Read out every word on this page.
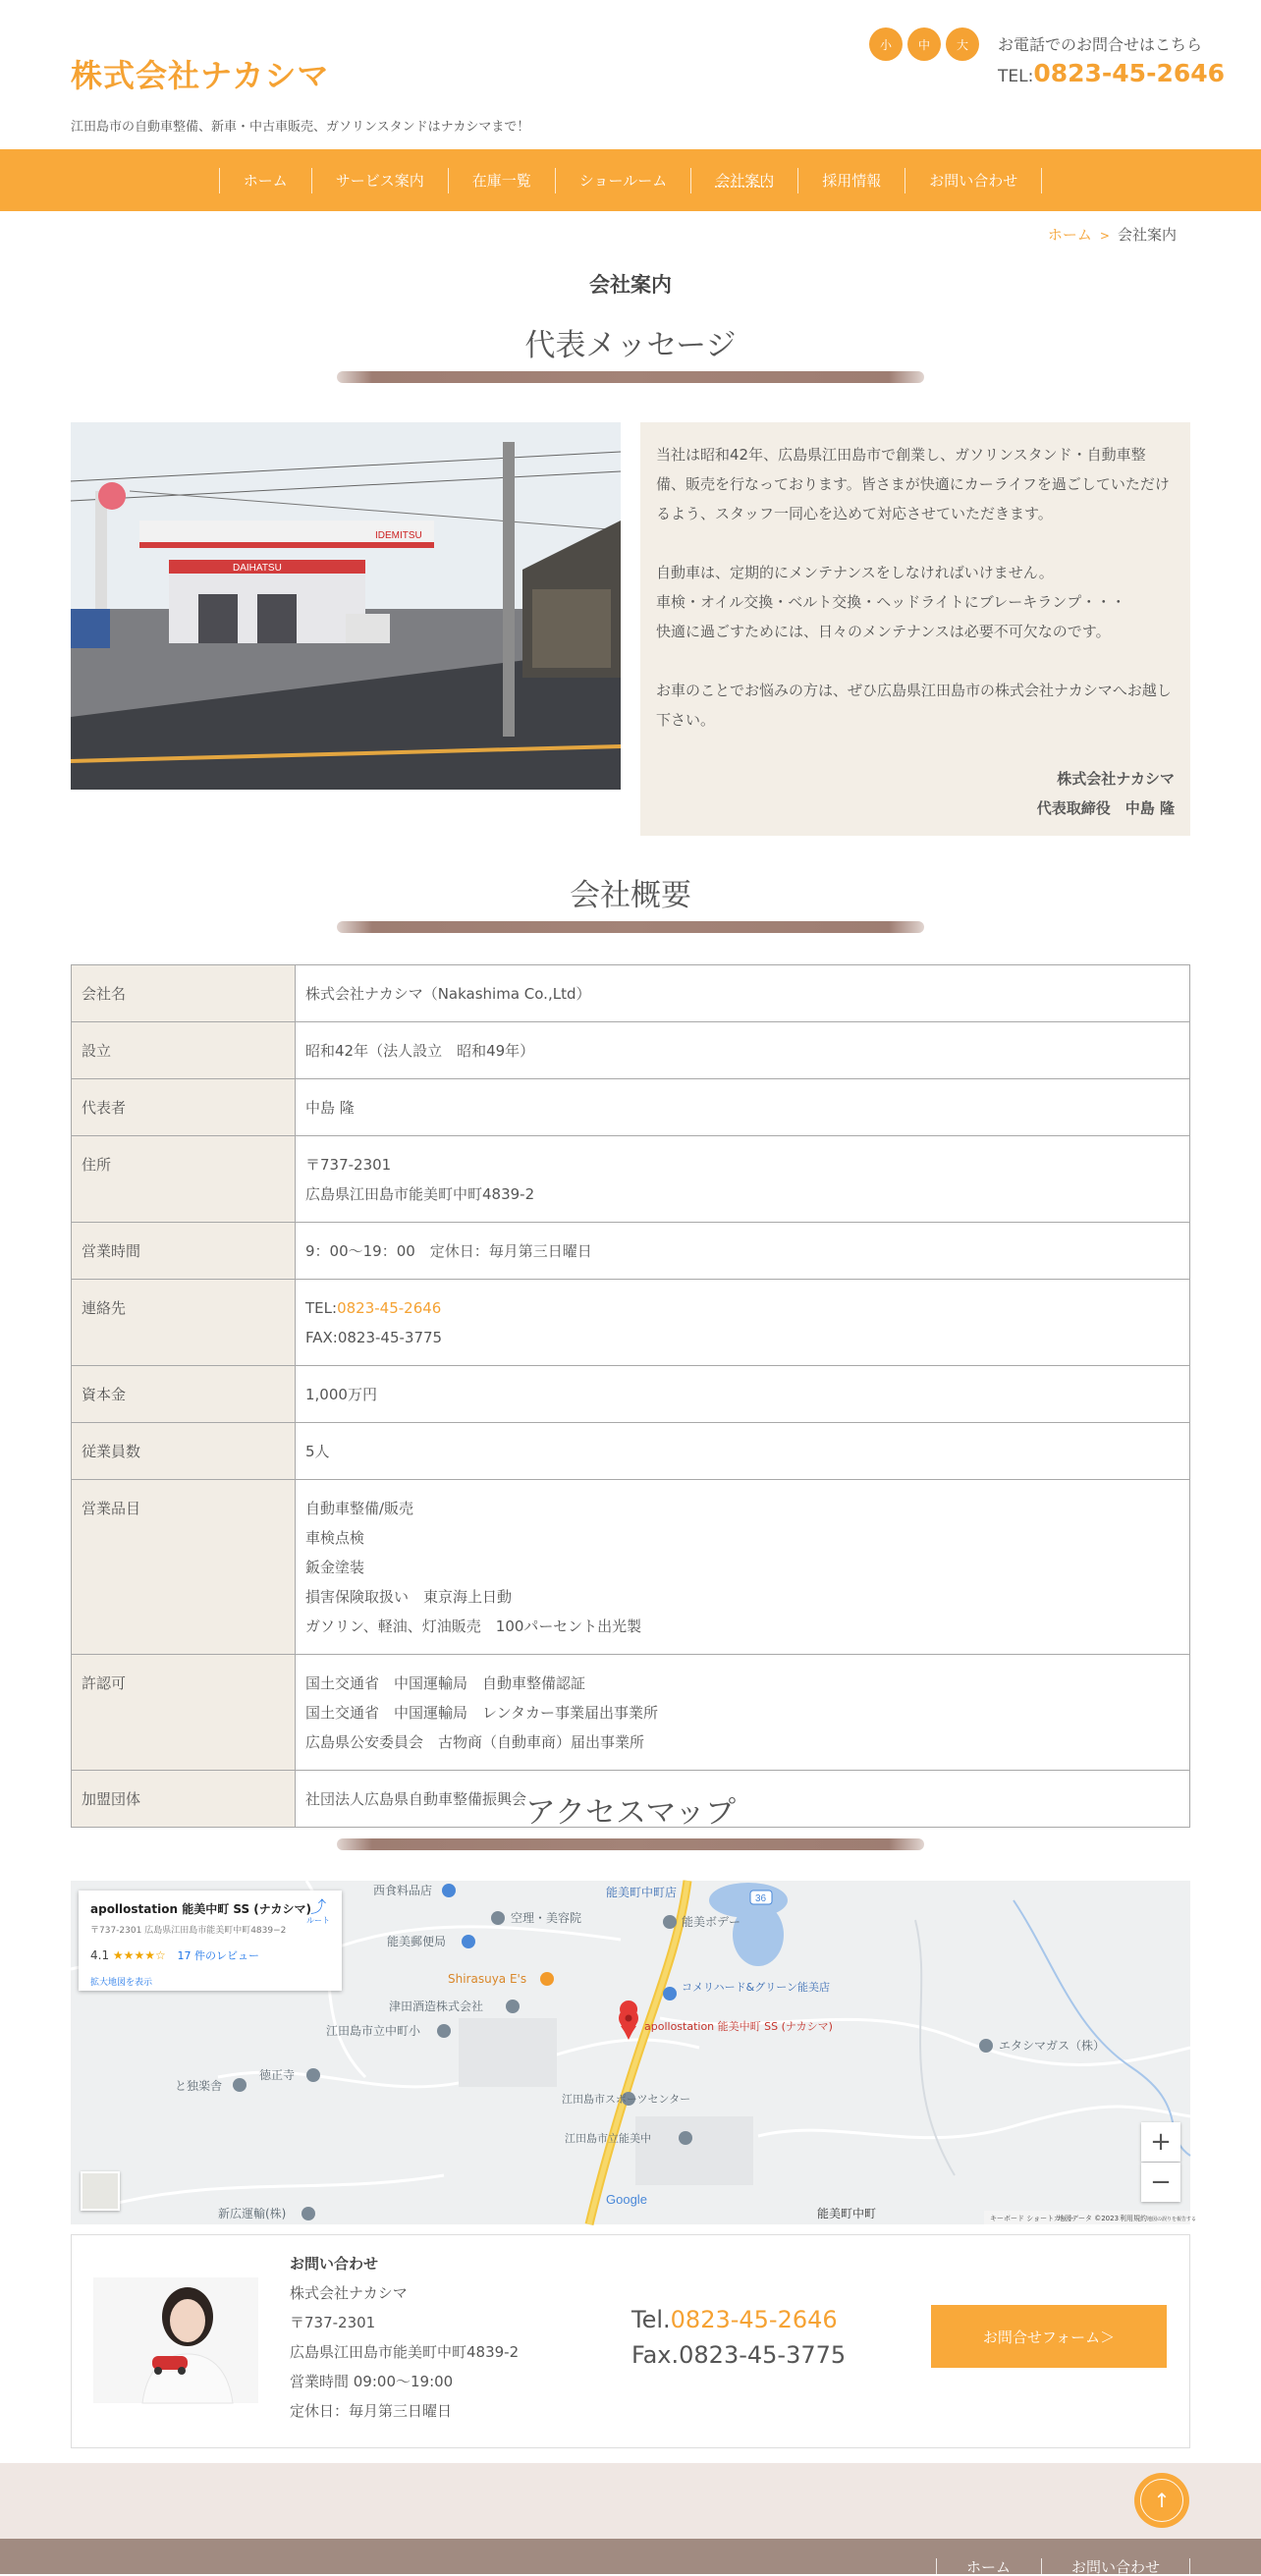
株式会社ナカシマ
江田島市の自動車整備、新車・中古車販売、ガソリンスタンドはナカシマまで！
小	中	大	お電話でのお問合せはこちら
TEL:0823-45-2646
ホーム	サービス案内	在庫一覧	ショールーム	会社案内	採用情報	お問い合わせ
ホーム > 会社案内
会社案内
代表メッセージ
IDEMITSU
DAIHATSU

当社は昭和42年、広島県江田島市で創業し、ガソリンスタンド・自動車整備、販売を行なっております。皆さまが快適にカーライフを過ごしていただけるよう、スタッフ一同心を込めて対応させていただきます。

自動車は、定期的にメンテナンスをしなければいけません。
車検・オイル交換・ベルト交換・ヘッドライトにブレーキランプ・・・
快適に過ごすためには、日々のメンテナンスは必要不可欠なのです。

お車のことでお悩みの方は、ぜひ広島県江田島市の株式会社ナカシマへお越し下さい。

株式会社ナカシマ
代表取締役　中島 隆
会社概要
会社名	株式会社ナカシマ（Nakashima Co.,Ltd）

設立	昭和42年（法人設立　昭和49年）

代表者	中島 隆

住所	〒737-2301
広島県江田島市能美町中町4839-2

営業時間	9：00〜19：00　定休日：毎月第三日曜日

連絡先	TEL:0823-45-2646
FAX:0823-45-3775

資本金	1,000万円

従業員数	5人

営業品目	自動車整備/販売
車検点検
鈑金塗装
損害保険取扱い　東京海上日動
ガソリン、軽油、灯油販売　100パーセント出光製

許認可	国土交通省　中国運輸局　自動車整備認証
国土交通省　中国運輸局　レンタカー事業届出事業所
広島県公安委員会　古物商（自動車商）届出事業所

加盟団体	社団法人広島県自動車整備振興会
アクセスマップ
36
西食料品店	能美町中町店
空理・美容院	能美ボデー
能美郵便局
Shirasuya E's
コメリハード&グリーン能美店
津田酒造株式会社
江田島市立中町小	apollostation 能美中町 SS (ナカシマ)
エタシマガス（株）
徳正寺
と独楽舎
江田島市スポーツセンター
江田島市立能美中
新広運輸(株)	能美町中町
Google
キーボード ショートカット
地図データ ©2023 利用規約 地図の誤りを報告する
apollostation 能美中町 SS (ナカシマ)
〒737-2301 広島県江田島市能美町中町4839−2
4.1 ★★★★☆ 17 件のレビュー
拡大地図を表示
⤴
ルート
+
−
お問い合わせ
株式会社ナカシマ
〒737-2301
広島県江田島市能美町中町4839-2
営業時間 09:00〜19:00
定休日：毎月第三日曜日
Tel.0823-45-2646
Fax.0823-45-3775
お問合せフォーム＞
↑
ホーム	お問い合わせ
